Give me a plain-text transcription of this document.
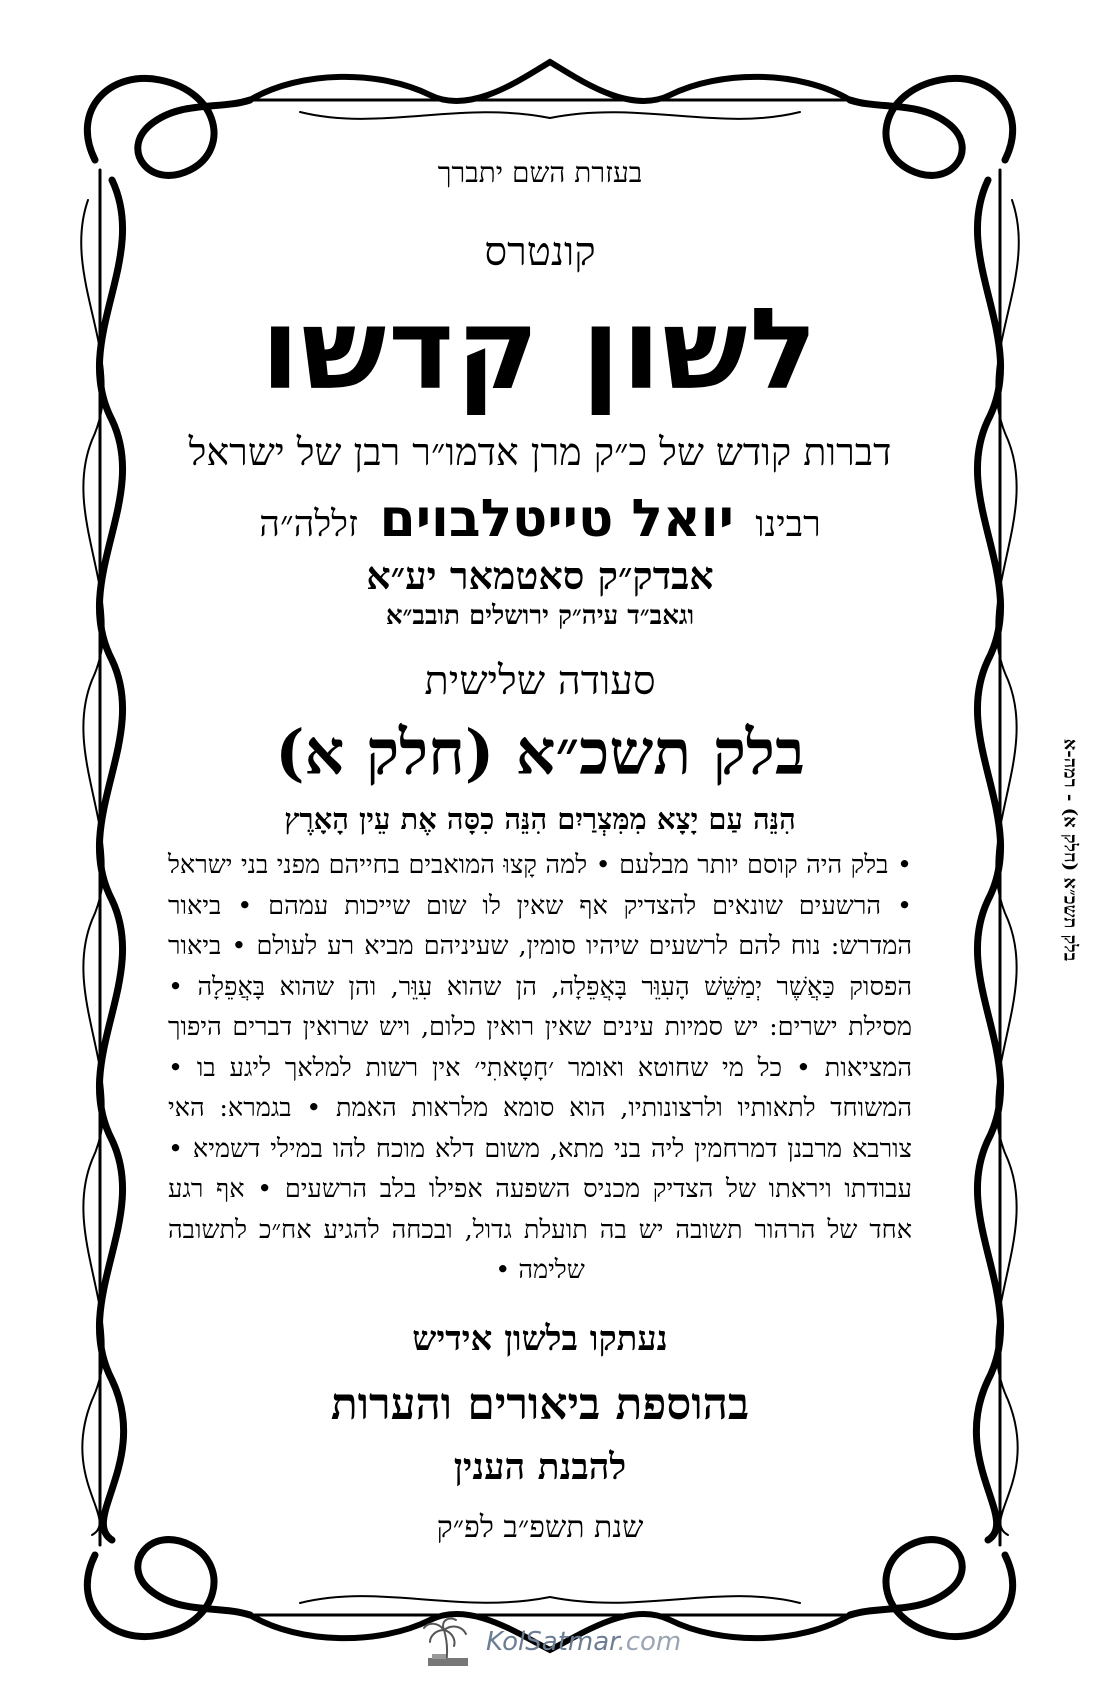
בעזרת השם יתברך
קונטרס
לשון קדשו
דברות קודש של כ״ק מרן אדמו״ר רבן של ישראל
רבינו יואל טייטלבוים זללה״ה
אבדק״ק סאטמאר יע״א
וגאב״ד עיה״ק ירושלים תובב״א
סעודה שלישית
בלק תשכ״א (חלק א)
הִנֵּה עַם יָצָא מִמִּצְרַיִם הִנֵּה כִסָּה אֶת עֵין הָאָרֶץ
• בלק היה קוסם יותר מבלעם • למה קָצוּ המואבים בחייהם מפני בני ישראל • הרשעים שונאים להצדיק אף שאין לו שום שייכות עמהם • ביאור המדרש: נוח להם לרשעים שיהיו סומין, שעיניהם מביא רע לעולם • ביאור הפסוק כַּאֲשֶׁר יְמַשֵּׁשׁ הָעִוֵּר בָּאֲפֵלָה, הן שהוא עִוֵּר, והן שהוא בָּאֲפֵלָה • מסילת ישרים: יש סמיות עינים שאין רואין כלום, ויש שרואין דברים היפוך המציאות • כל מי שחוטא ואומר ׳חָטָאתִי׳ אין רשות למלאך ליגע בו • המשוחד לתאותיו ולרצונותיו, הוא סומא מלראות האמת • בגמרא: האי צורבא מרבנן דמרחמין ליה בני מתא, משום דלא מוכח להו במילי דשמיא • עבודתו ויראתו של הצדיק מכניס השפעה אפילו בלב הרשעים • אף רגע אחד של הרהור תשובה יש בה תועלת גדול, ובכחה להגיע אח״כ לתשובה שלימה •
נעתקו בלשון אידיש
בהוספת ביאורים והערות
להבנת הענין
שנת תשפ״ב לפ״ק
בלק תשכ״א (חלק א) - רמה-א
KolSatmar.com
